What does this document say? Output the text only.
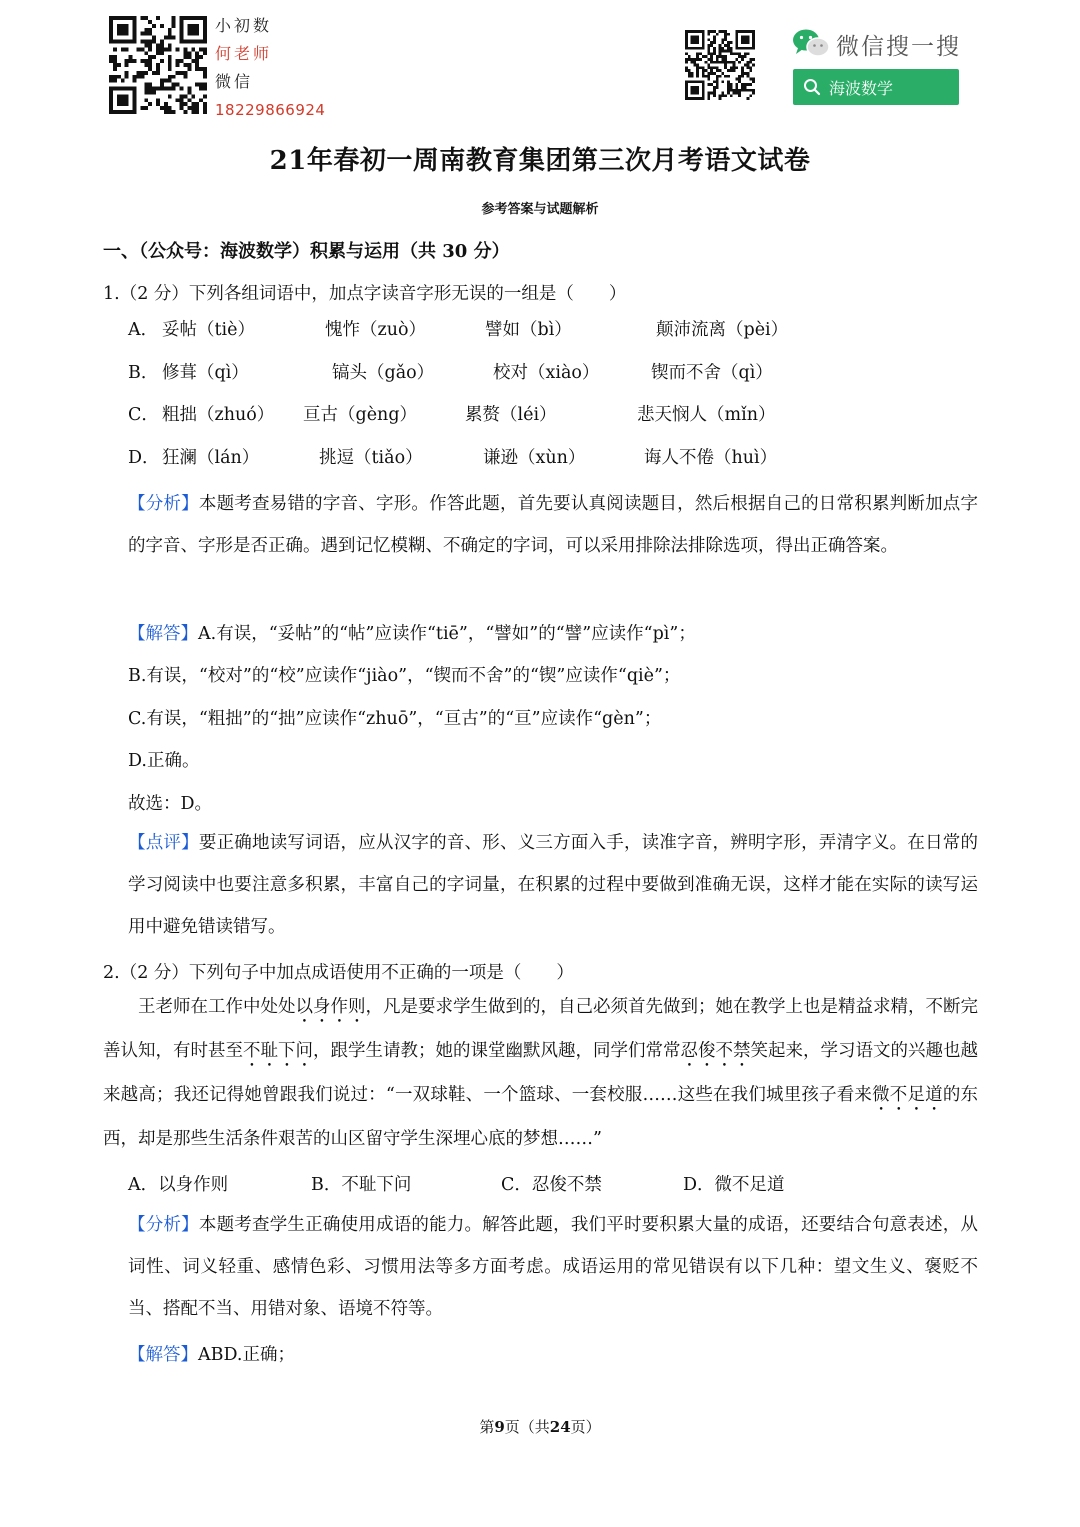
小初数
何老师
微信
18229866924
微信搜一搜
海波数学
21年春初一周南教育集团第三次月考语文试卷
参考答案与试题解析
一、（公众号：海波数学）积累与运用（共 30 分）
1.（2 分）下列各组词语中，加点字读音字形无误的一组是（　　）
A． 妥帖（tiè）	愧怍（zuò）	譬如（bì）	颠沛流离（pèi）
B． 修葺（qì）	镐头（gǎo）	校对（xiào）	锲而不舍（qì）
C． 粗拙（zhuó） 亘古（gèng）	累赘（léi）	悲天悯人（mǐn）
D． 狂澜（lán）	挑逗（tiǎo）	谦逊（xùn）	诲人不倦（huì）
【分析】本题考查易错的字音、字形。作答此题，首先要认真阅读题目，然后根据自己的日常积累判断加点字的字音、字形是否正确。遇到记忆模糊、不确定的字词，可以采用排除法排除选项，得出正确答案。
【解答】A.有误，“妥帖”的“帖”应读作“tiē”，“譬如”的“譬”应读作“pì”；
B.有误，“校对”的“校”应读作“jiào”，“锲而不舍”的“锲”应读作“qiè”；
C.有误，“粗拙”的“拙”应读作“zhuō”，“亘古”的“亘”应读作“gèn”；
D.正确。
故选：D。
【点评】要正确地读写词语，应从汉字的音、形、义三方面入手，读准字音，辨明字形，弄清字义。在日常的学习阅读中也要注意多积累，丰富自己的字词量，在积累的过程中要做到准确无误，这样才能在实际的读写运用中避免错读错写。
2.（2 分）下列句子中加点成语使用不正确的一项是（　　）
王老师在工作中处处以身作则，凡是要求学生做到的，自己必须首先做到；她在教学上也是精益求精，不断完善认知，有时甚至不耻下问，跟学生请教；她的课堂幽默风趣，同学们常常忍俊不禁笑起来，学习语文的兴趣也越来越高；我还记得她曾跟我们说过：“一双球鞋、一个篮球、一套校服……这些在我们城里孩子看来微不足道的东西，却是那些生活条件艰苦的山区留守学生深埋心底的梦想……”
A．以身作则	B．不耻下问	C．忍俊不禁	D．微不足道
【分析】本题考查学生正确使用成语的能力。解答此题，我们平时要积累大量的成语，还要结合句意表述，从词性、词义轻重、感情色彩、习惯用法等多方面考虑。成语运用的常见错误有以下几种：望文生义、褒贬不当、搭配不当、用错对象、语境不符等。
【解答】ABD.正确；
第9页（共24页）
